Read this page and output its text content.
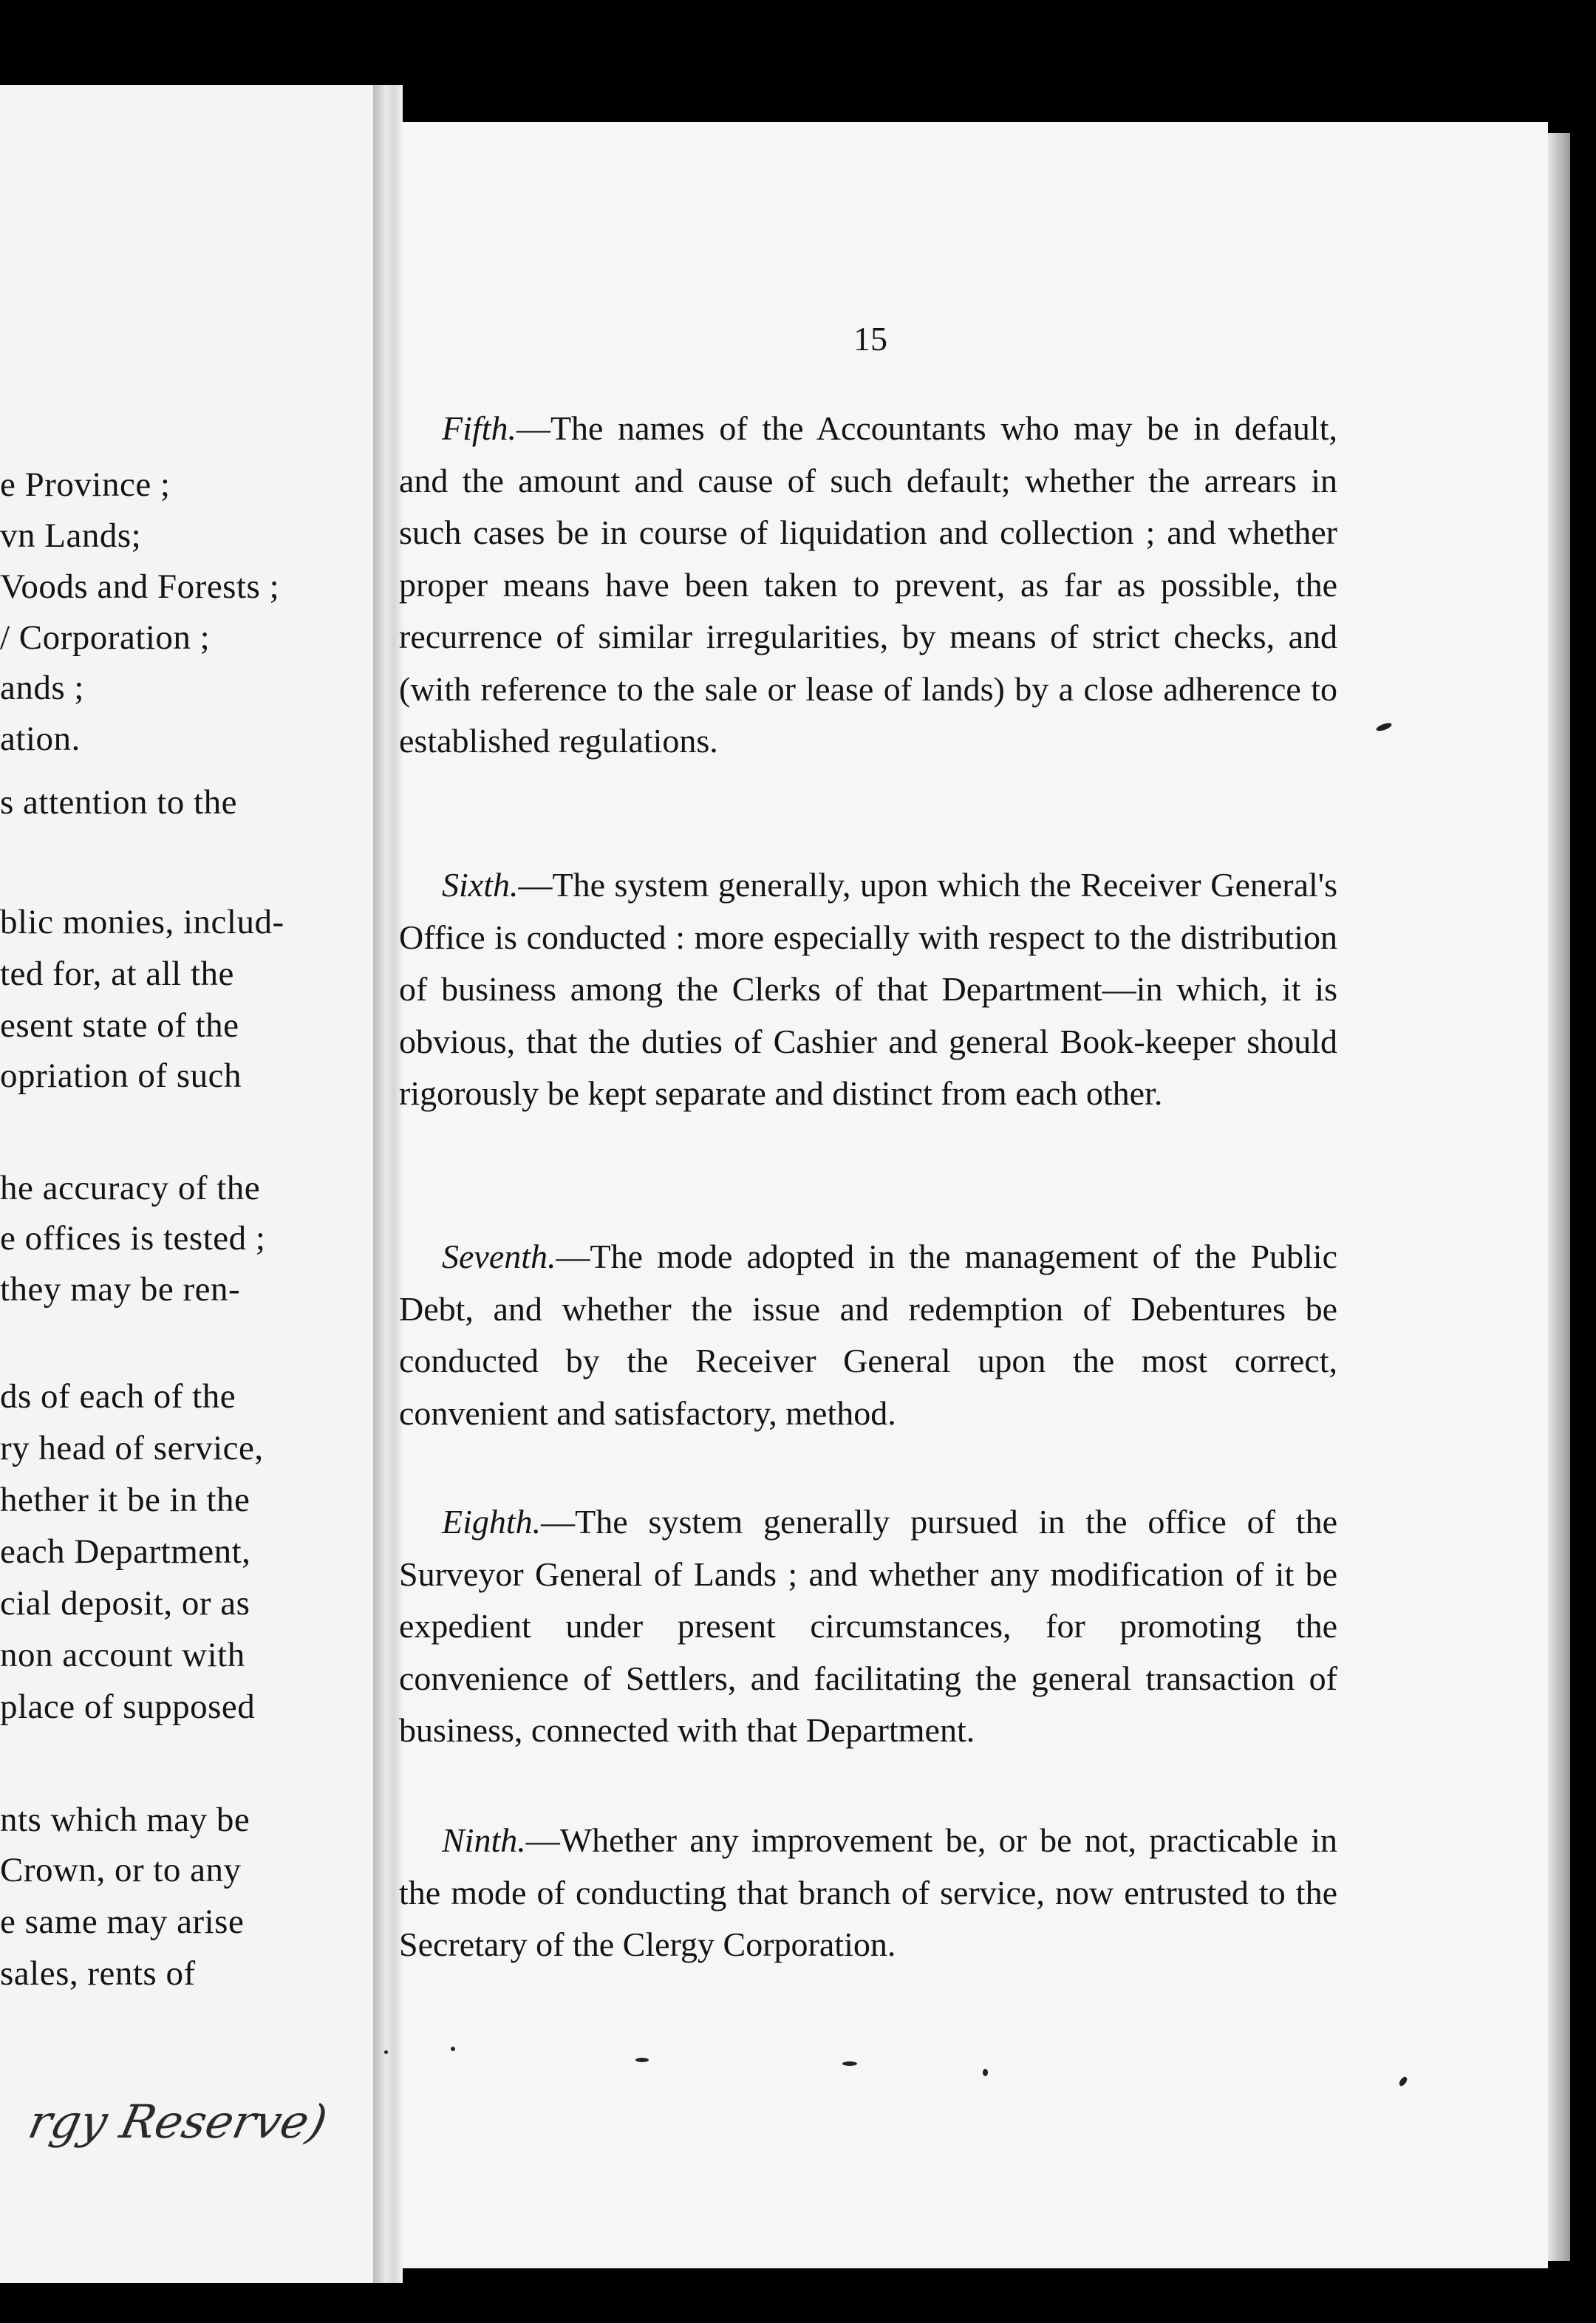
e Province ;
vn Lands;
Voods and Forests ;
/ Corporation ;
ands ;
ation.
s attention to the
blic monies, includ-
ted for, at all the
esent state of the
opriation of such
he accuracy of the
e offices is tested ;
they may be ren-
ds of each of the
ry head of service,
hether it be in the
each Department,
cial deposit, or as
non account with
place of supposed
nts which may be
Crown, or to any
e same may arise
sales, rents of
rgy Reserve)
15

Fifth.—The names of the Accountants who may be in default, and the amount and cause of such default; whether the arrears in such cases be in course of liquidation and collection ; and whether proper means have been taken to prevent, as far as possible, the recurrence of similar irregularities, by means of strict checks, and (with reference to the sale or lease of lands) by a close adherence to established regulations.

Sixth.—The system generally, upon which the Receiver General's Office is conducted : more especially with respect to the distribution of business among the Clerks of that Department—in which, it is obvious, that the duties of Cashier and general Book-keeper should rigorously be kept separate and distinct from each other.

Seventh.—The mode adopted in the management of the Public Debt, and whether the issue and redemption of Debentures be conducted by the Receiver General upon the most correct, convenient and satisfactory, method.

Eighth.—The system generally pursued in the office of the Surveyor General of Lands ; and whether any modification of it be expedient under present circumstances, for promoting the convenience of Settlers, and facilitating the general transaction of business, connected with that Department.

Ninth.—Whether any improvement be, or be not, practicable in the mode of conducting that branch of service, now entrusted to the Secretary of the Clergy Corporation.
